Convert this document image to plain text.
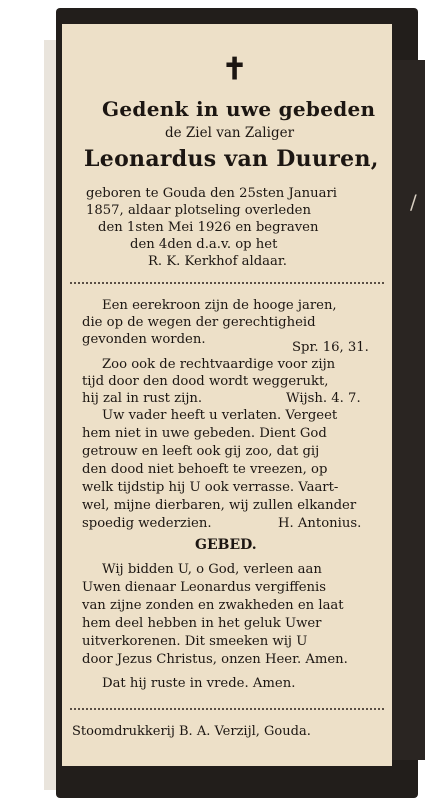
/
✝
Gedenk in uwe gebeden
de Ziel van Zaliger
Leonardus van Duuren,
geboren te Gouda den 25sten Januari
1857, aldaar plotseling overleden
den 1sten Mei 1926 en begraven
den 4den d.a.v. op het
R. K. Kerkhof aldaar.
Een eerekroon zijn de hooge jaren,
die op de wegen der gerechtigheid
gevonden worden.
Spr. 16, 31.
Zoo ook de rechtvaardige voor zijn
tijd door den dood wordt weggerukt,
hij zal in rust zijn.	Wijsh. 4. 7.
Uw vader heeft u verlaten. Vergeet
hem niet in uwe gebeden. Dient God
getrouw en leeft ook gij zoo, dat gij
den dood niet behoeft te vreezen, op
welk tijdstip hij U ook verrasse. Vaart-
wel, mijne dierbaren, wij zullen elkander
spoedig wederzien.	H. Antonius.
GEBED.
Wij bidden U, o God, verleen aan
Uwen dienaar Leonardus vergiffenis
van zijne zonden en zwakheden en laat
hem deel hebben in het geluk Uwer
uitverkorenen. Dit smeeken wij U
door Jezus Christus, onzen Heer. Amen.
Dat hij ruste in vrede. Amen.
Stoomdrukkerij B. A. Verzijl, Gouda.
